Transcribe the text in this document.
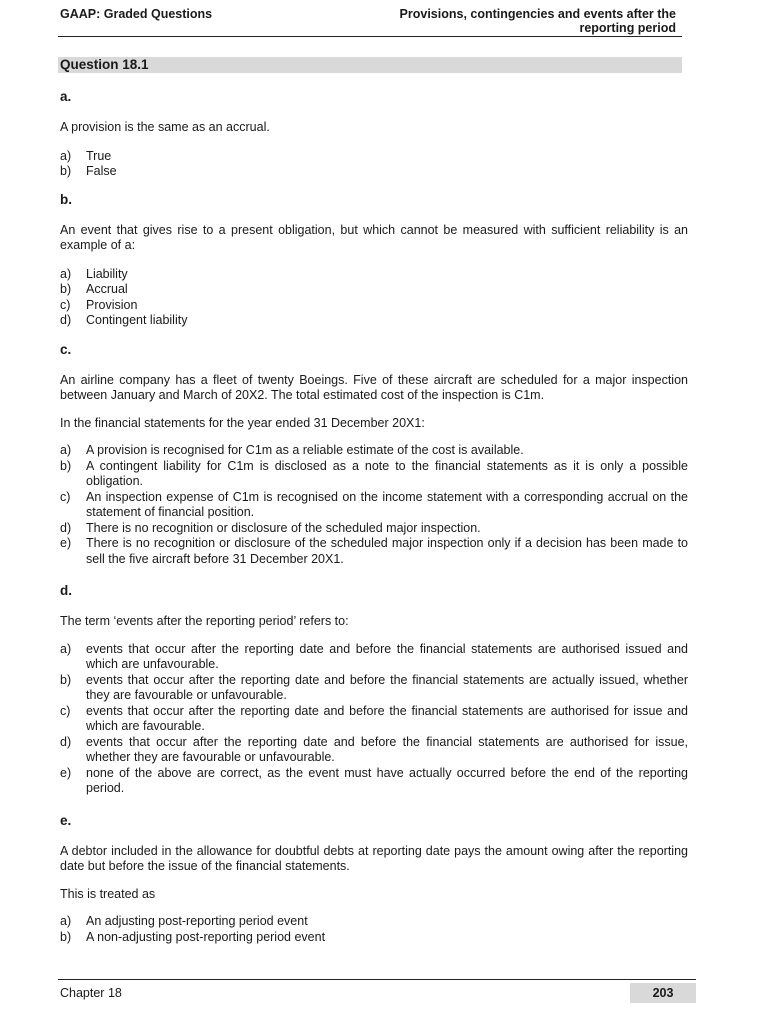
GAAP: Graded Questions	Provisions, contingencies and events after the
reporting period
Question 18.1
a.

A provision is the same as an accrual.

a)	True
b)	False
b.

An event that gives rise to a present obligation, but which cannot be measured with sufficient reliability is an example of a:

a)	Liability
b)	Accrual
c)	Provision
d)	Contingent liability
c.

An airline company has a fleet of twenty Boeings. Five of these aircraft are scheduled for a major inspection between January and March of 20X2. The total estimated cost of the inspection is C1m.

In the financial statements for the year ended 31 December 20X1:

a)	A provision is recognised for C1m as a reliable estimate of the cost is available.
b)	A contingent liability for C1m is disclosed as a note to the financial statements as it is only a possible obligation.
c)	An inspection expense of C1m is recognised on the income statement with a corresponding accrual on the statement of financial position.
d)	There is no recognition or disclosure of the scheduled major inspection.
e)	There is no recognition or disclosure of the scheduled major inspection only if a decision has been made to sell the five aircraft before 31 December 20X1.
d.

The term ‘events after the reporting period’ refers to:

a)	events that occur after the reporting date and before the financial statements are authorised issued and which are unfavourable.
b)	events that occur after the reporting date and before the financial statements are actually issued, whether they are favourable or unfavourable.
c)	events that occur after the reporting date and before the financial statements are authorised for issue and which are favourable.
d)	events that occur after the reporting date and before the financial statements are authorised for issue, whether they are favourable or unfavourable.
e)	none of the above are correct, as the event must have actually occurred before the end of the reporting period.
e.

A debtor included in the allowance for doubtful debts at reporting date pays the amount owing after the reporting date but before the issue of the financial statements.

This is treated as

a)	An adjusting post-reporting period event
b)	A non-adjusting post-reporting period event
Chapter 18	203
